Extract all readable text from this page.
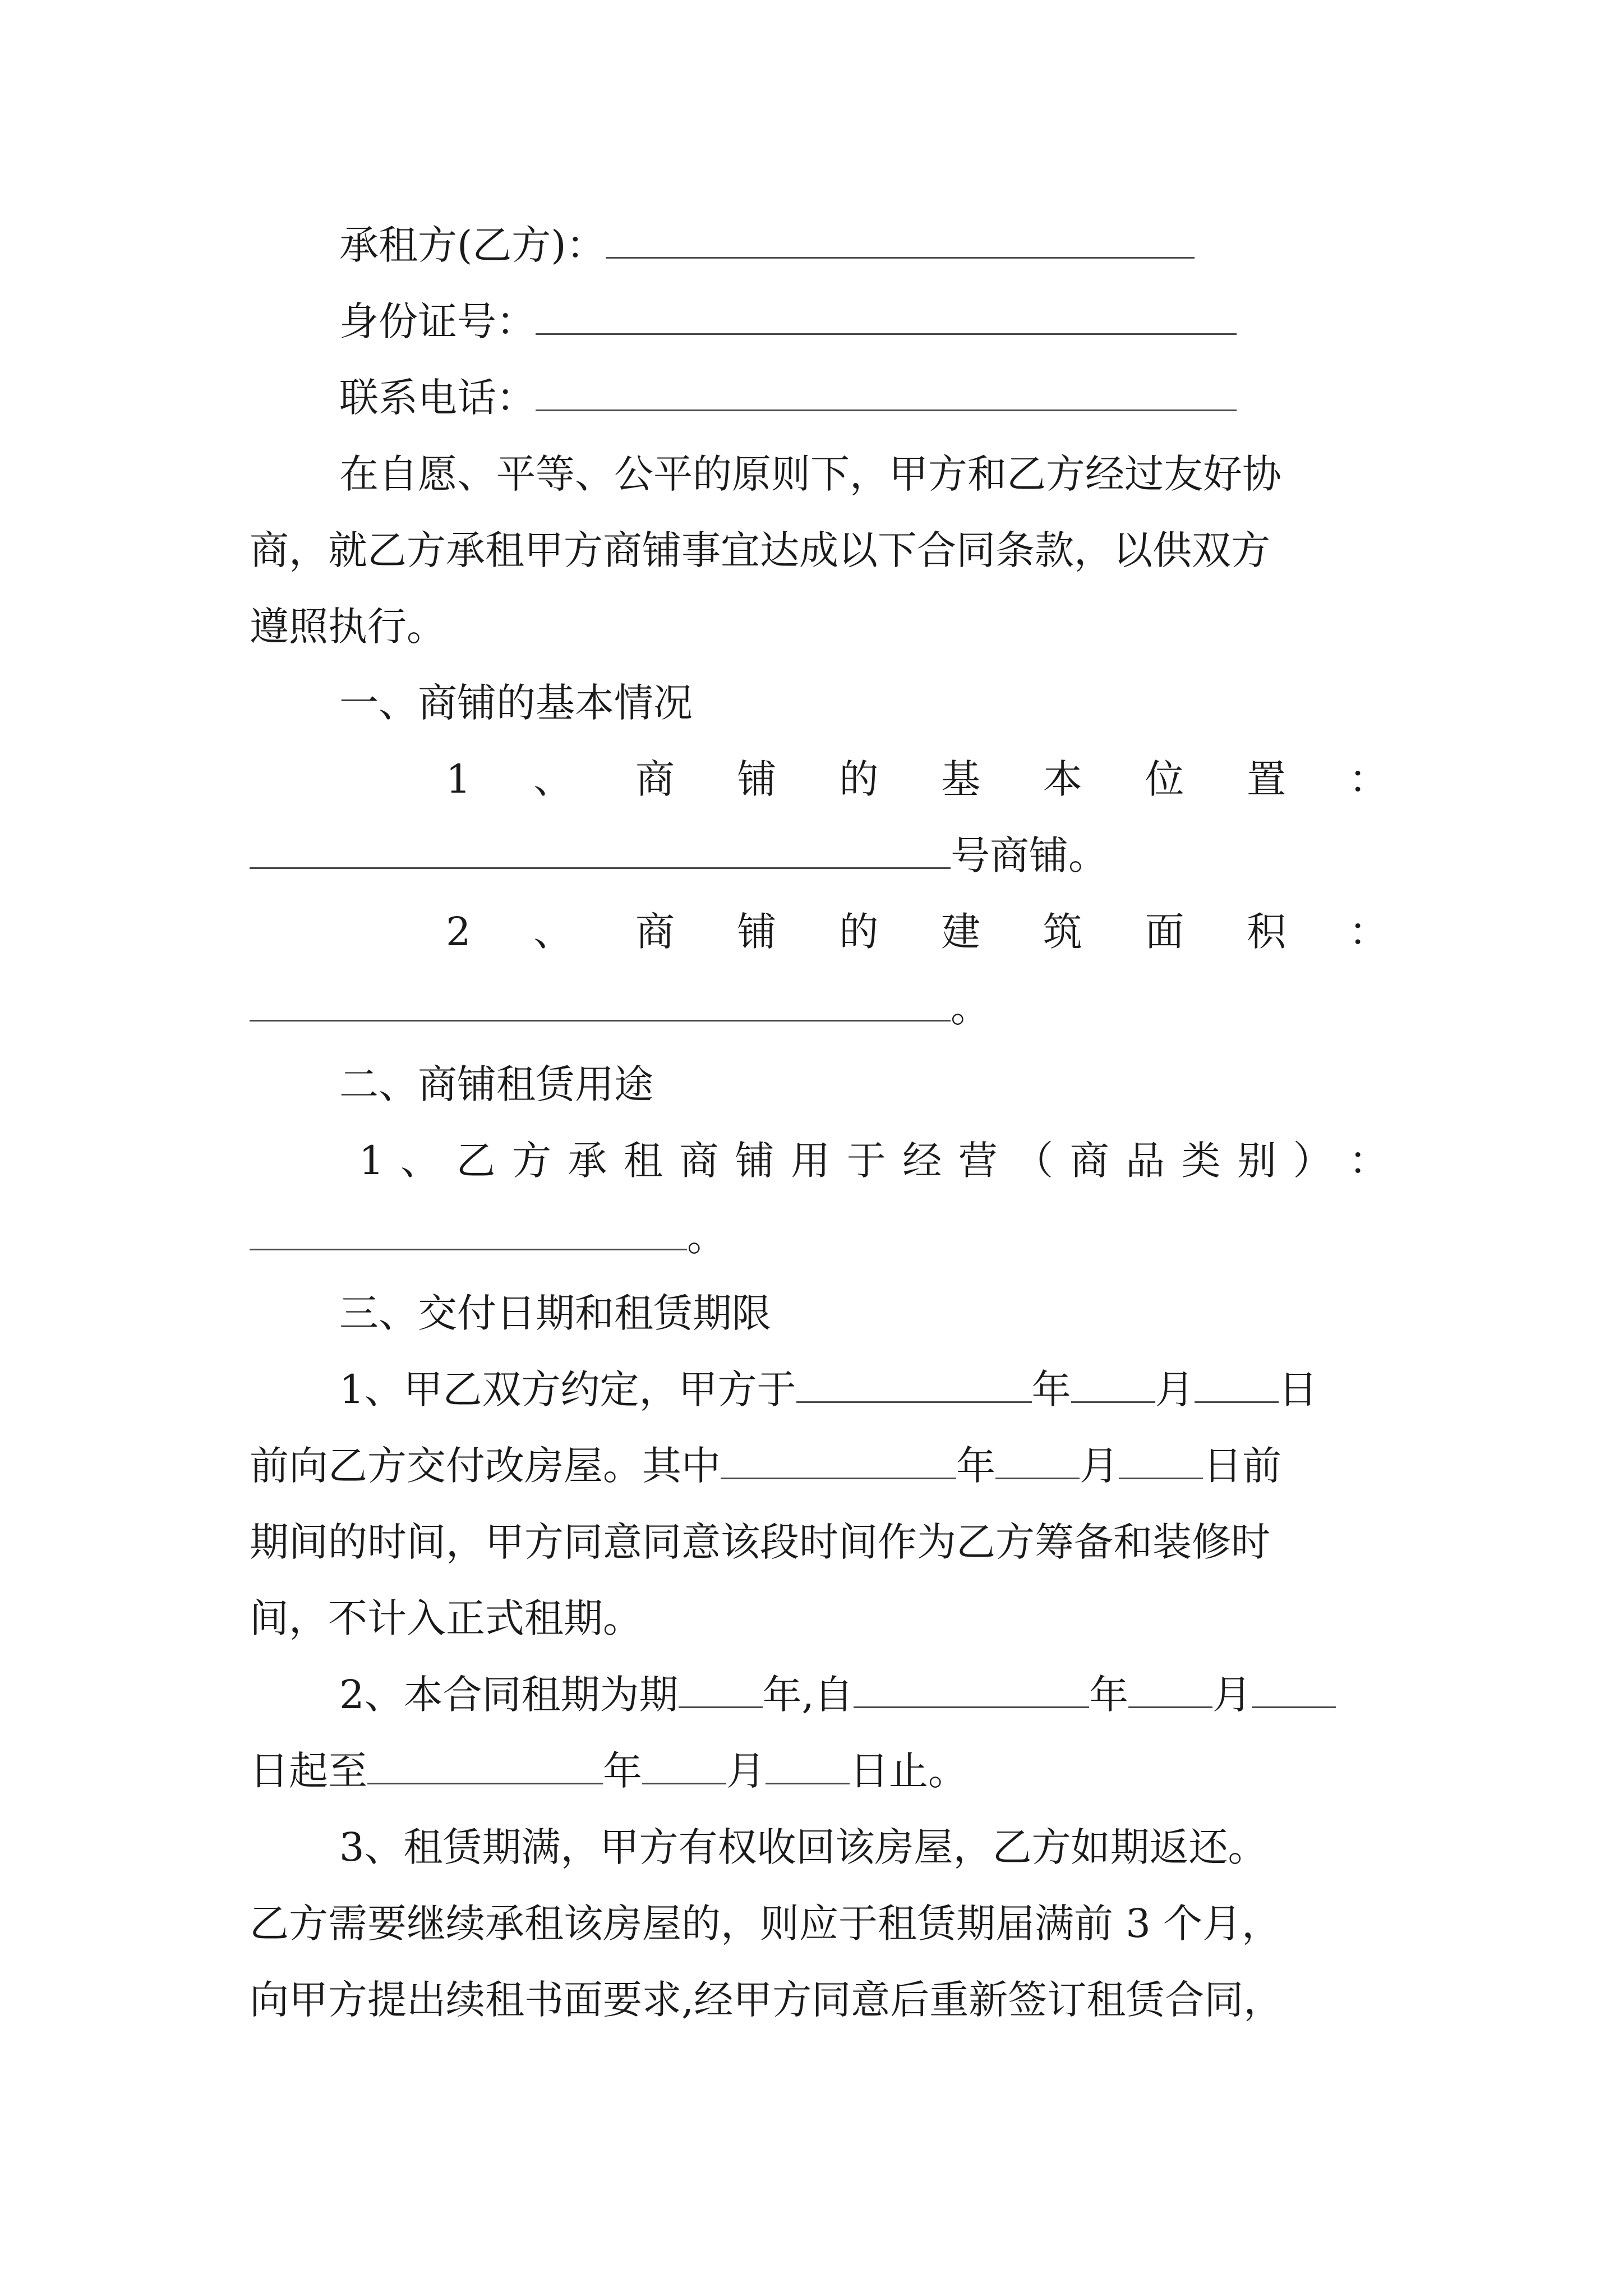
承租方(乙方)：
身份证号：
联系电话：
在自愿、平等、公平的原则下，甲方和乙方经过友好协
商，就乙方承租甲方商铺事宜达成以下合同条款，以供双方
遵照执行。
一、商铺的基本情况
1 、 商 铺 的 基 本 位 置 ：
号商铺。
2 、 商 铺 的 建 筑 面 积 ：
。
二、商铺租赁用途
1 、 乙 方 承 租 商 铺 用 于 经 营 （ 商 品 类 别 ） ：
。
三、交付日期和租赁期限
1、甲乙双方约定，甲方于	年 月 日
前向乙方交付改房屋。其中	年 月 日前
期间的时间，甲方同意同意该段时间作为乙方筹备和装修时
间，不计入正式租期。
2、本合同租期为期 年,自	年 月
日起至	年 月 日止。
3、租赁期满，甲方有权收回该房屋，乙方如期返还。
乙方需要继续承租该房屋的，则应于租赁期届满前 3 个月，
向甲方提出续租书面要求,经甲方同意后重新签订租赁合同，
